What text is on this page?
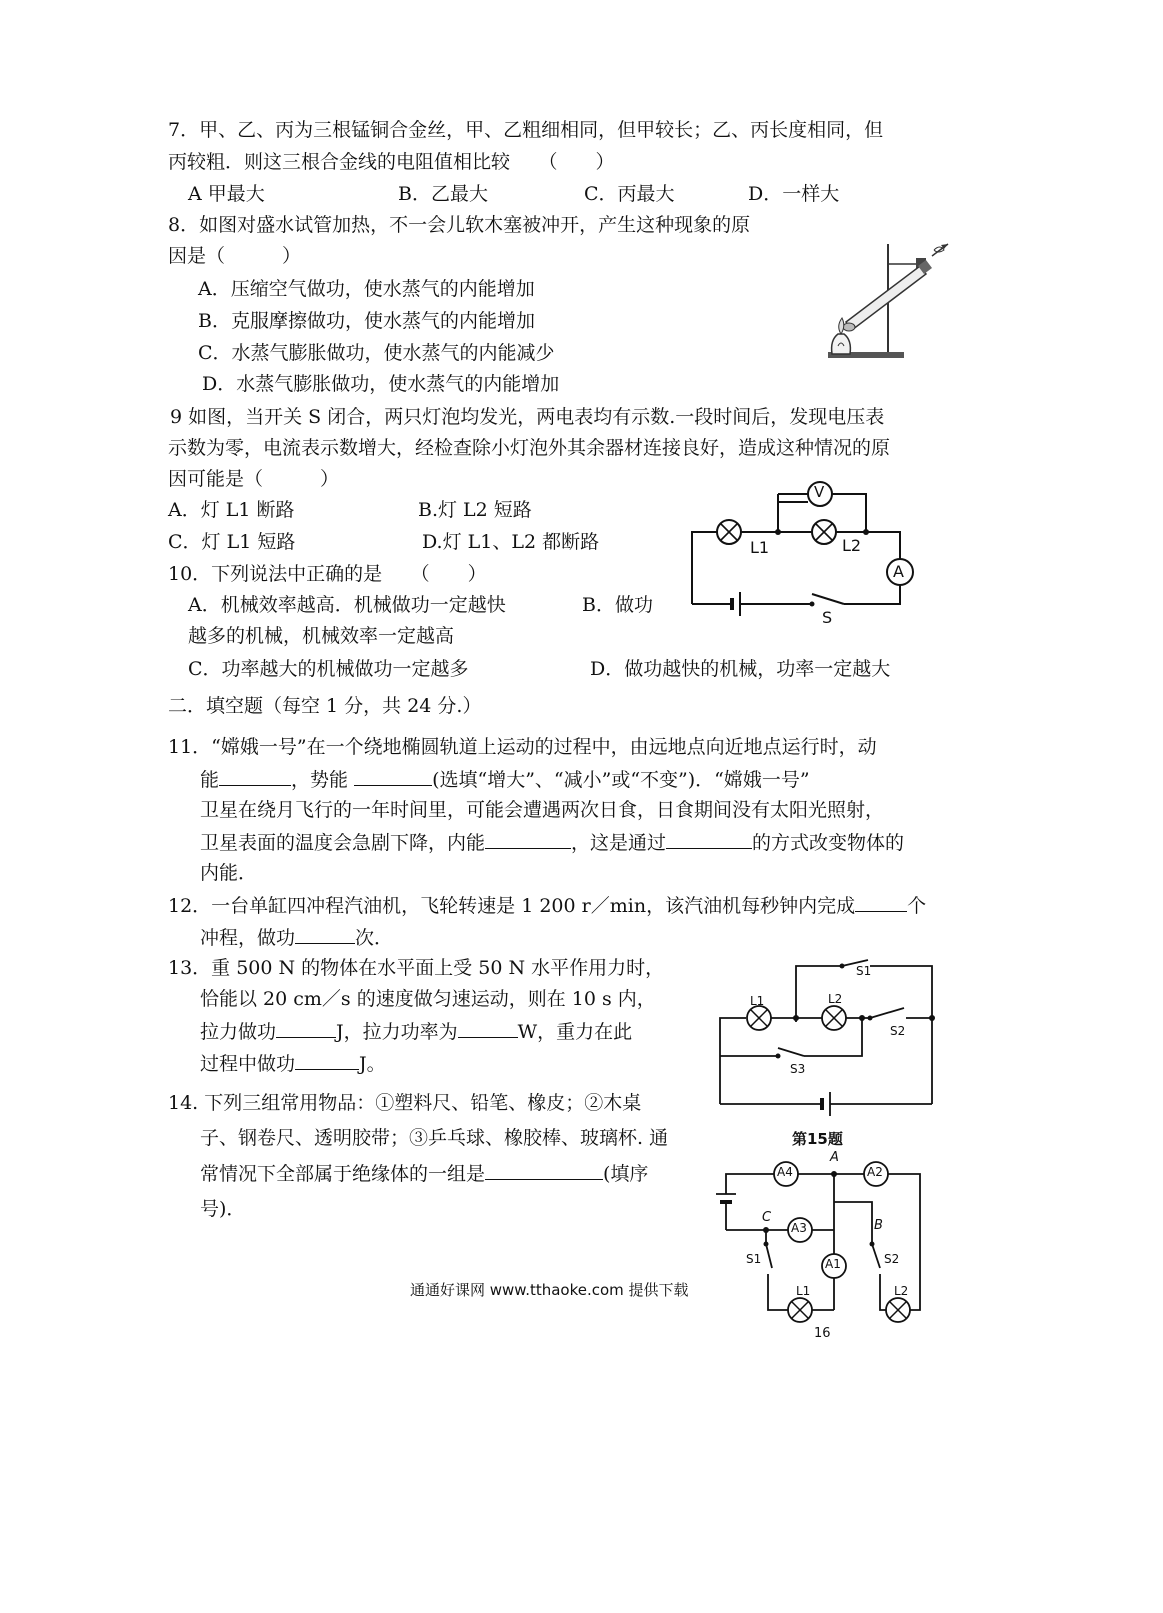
7．甲、乙、丙为三根锰铜合金丝，甲、乙粗细相同，但甲较长；乙、丙长度相同，但
丙较粗．则这三根合金线的电阻值相比较　　（　　）
A 甲最大	B．乙最大	C．丙最大	D．一样大
8．如图对盛水试管加热，不一会儿软木塞被冲开，产生这种现象的原
因是（　　　）
A．压缩空气做功，使水蒸气的内能增加
B．克服摩擦做功，使水蒸气的内能增加
C．水蒸气膨胀做功，使水蒸气的内能减少
D．水蒸气膨胀做功，使水蒸气的内能增加
9 如图，当开关 S 闭合，两只灯泡均发光，两电表均有示数.一段时间后，发现电压表
示数为零，电流表示数增大，经检查除小灯泡外其余器材连接良好，造成这种情况的原
因可能是（　　　）
A．灯 L1 断路	B.灯 L2 短路
C．灯 L1 短路	D.灯 L1、L2 都断路
V
A
L1	L2
S
10．下列说法中正确的是　　（　　）
A．机械效率越高．机械做功一定越快	B．做功
越多的机械，机械效率一定越高
C．功率越大的机械做功一定越多	D．做功越快的机械，功率一定越大
二．填空题（每空 1 分，共 24 分.）
11．“嫦娥一号”在一个绕地椭圆轨道上运动的过程中，由远地点向近地点运行时，动
能	，势能	(选填“增大”、“减小”或“不变”)．“嫦娥一号”
卫星在绕月飞行的一年时间里，可能会遭遇两次日食，日食期间没有太阳光照射，
卫星表面的温度会急剧下降，内能	，这是通过	的方式改变物体的
内能．
12．一台单缸四冲程汽油机，飞轮转速是 1 200 r／min，该汽油机每秒钟内完成	个
冲程，做功	次．
13．重 500 N 的物体在水平面上受 50 N 水平作用力时，
恰能以 20 cm／s 的速度做匀速运动，则在 10 s 内，
拉力做功	J，拉力功率为	W，重力在此
过程中做功	J。
14. 下列三组常用物品：①塑料尺、铅笔、橡皮；②木桌
子、钢卷尺、透明胶带；③乒乓球、橡胶棒、玻璃杯. 通
常情况下全部属于绝缘体的一组是	(填序
号)．
S1
L1	L2
S2
S3
第15题
A4	A2
A3
A1
A
C
B
S1	S2
L1	L2
16
通通好课网 www.tthaoke.com 提供下载
